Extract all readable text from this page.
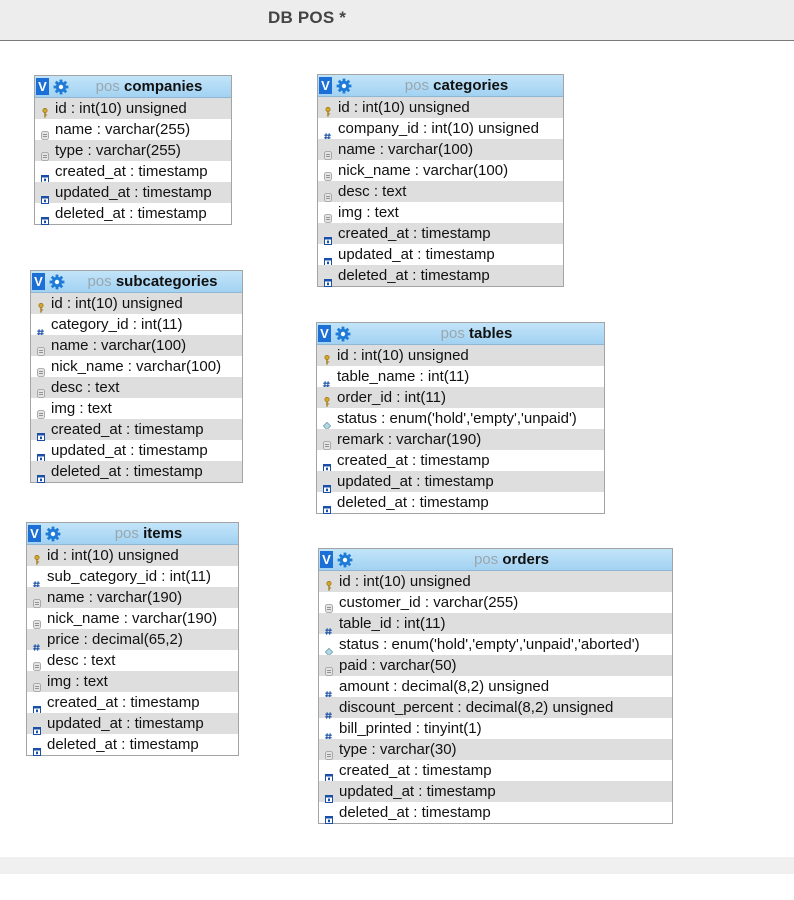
DB POS *
V	pos companies
id : int(10) unsigned
name : varchar(255)
type : varchar(255)
created_at : timestamp
updated_at : timestamp
deleted_at : timestamp
V	pos categories
id : int(10) unsigned
company_id : int(10) unsigned
name : varchar(100)
nick_name : varchar(100)
desc : text
img : text
created_at : timestamp
updated_at : timestamp
deleted_at : timestamp
V	pos subcategories
id : int(10) unsigned
category_id : int(11)
name : varchar(100)
nick_name : varchar(100)
desc : text
img : text
created_at : timestamp
updated_at : timestamp
deleted_at : timestamp
V	pos tables
id : int(10) unsigned
table_name : int(11)
order_id : int(11)
status : enum('hold','empty','unpaid')
remark : varchar(190)
created_at : timestamp
updated_at : timestamp
deleted_at : timestamp
V	pos items
id : int(10) unsigned
sub_category_id : int(11)
name : varchar(190)
nick_name : varchar(190)
price : decimal(65,2)
desc : text
img : text
created_at : timestamp
updated_at : timestamp
deleted_at : timestamp
V	pos orders
id : int(10) unsigned
customer_id : varchar(255)
table_id : int(11)
status : enum('hold','empty','unpaid','aborted')
paid : varchar(50)
amount : decimal(8,2) unsigned
discount_percent : decimal(8,2) unsigned
bill_printed : tinyint(1)
type : varchar(30)
created_at : timestamp
updated_at : timestamp
deleted_at : timestamp
